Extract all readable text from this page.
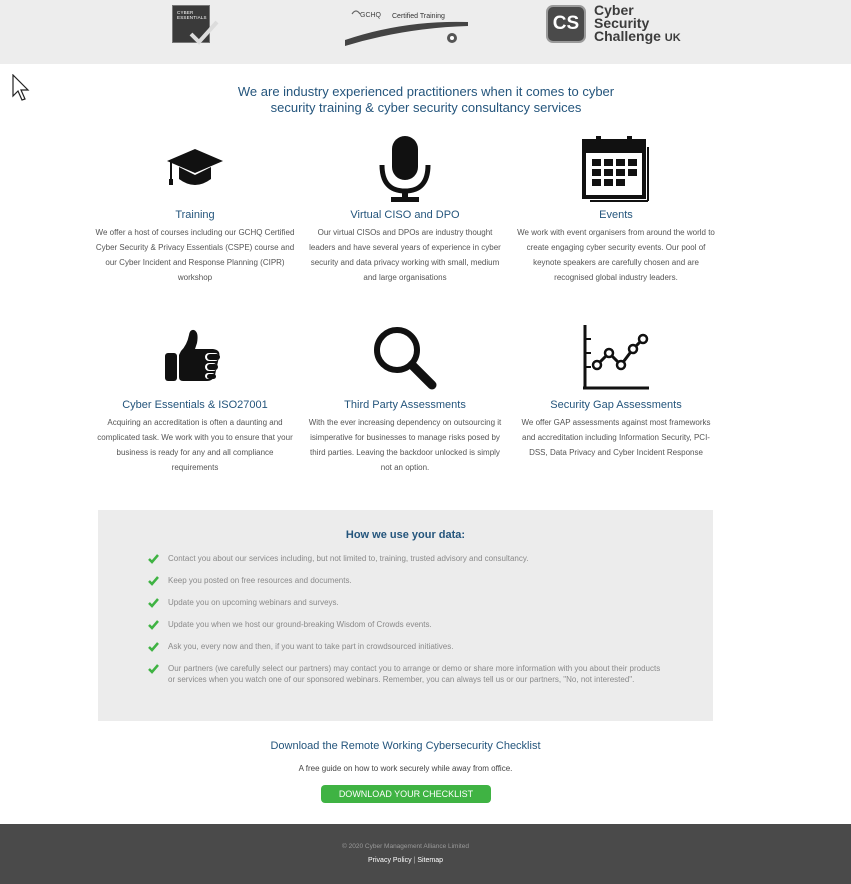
CYBER
ESSENTIALS	GCHQ Certified Training	CS
Cyber
Security
Challenge UK
We are industry experienced practitioners when it comes to cyber
security training & cyber security consultancy services
Training
We offer a host of courses including our GCHQ Certified Cyber Security & Privacy Essentials (CSPE) course and our Cyber Incident and Response Planning (CIPR) workshop
Virtual CISO and DPO
Our virtual CISOs and DPOs are industry thought leaders and have several years of experience in cyber security and data privacy working with small, medium and large organisations
Events
We work with event organisers from around the world to create engaging cyber security events. Our pool of keynote speakers are carefully chosen and are recognised global industry leaders.
Cyber Essentials & ISO27001
Acquiring an accreditation is often a daunting and complicated task. We work with you to ensure that your business is ready for any and all compliance requirements
Third Party Assessments
With the ever increasing dependency on outsourcing it isimperative for businesses to manage risks posed by third parties. Leaving the backdoor unlocked is simply not an option.
Security Gap Assessments
We offer GAP assessments against most frameworks and accreditation including Information Security, PCI-DSS, Data Privacy and Cyber Incident Response
How we use your data:
Contact you about our services including, but not limited to, training, trusted advisory and consultancy.
Keep you posted on free resources and documents.
Update you on upcoming webinars and surveys.
Update you when we host our ground-breaking Wisdom of Crowds events.
Ask you, every now and then, if you want to take part in crowdsourced initiatives.
Our partners (we carefully select our partners) may contact you to arrange or demo or share more information with you about their products or services when you watch one of our sponsored webinars. Remember, you can always tell us or our partners, "No, not interested".
Download the Remote Working Cybersecurity Checklist
A free guide on how to work securely while away from office.
DOWNLOAD YOUR CHECKLIST
© 2020 Cyber Management Alliance Limited
Privacy Policy | Sitemap
